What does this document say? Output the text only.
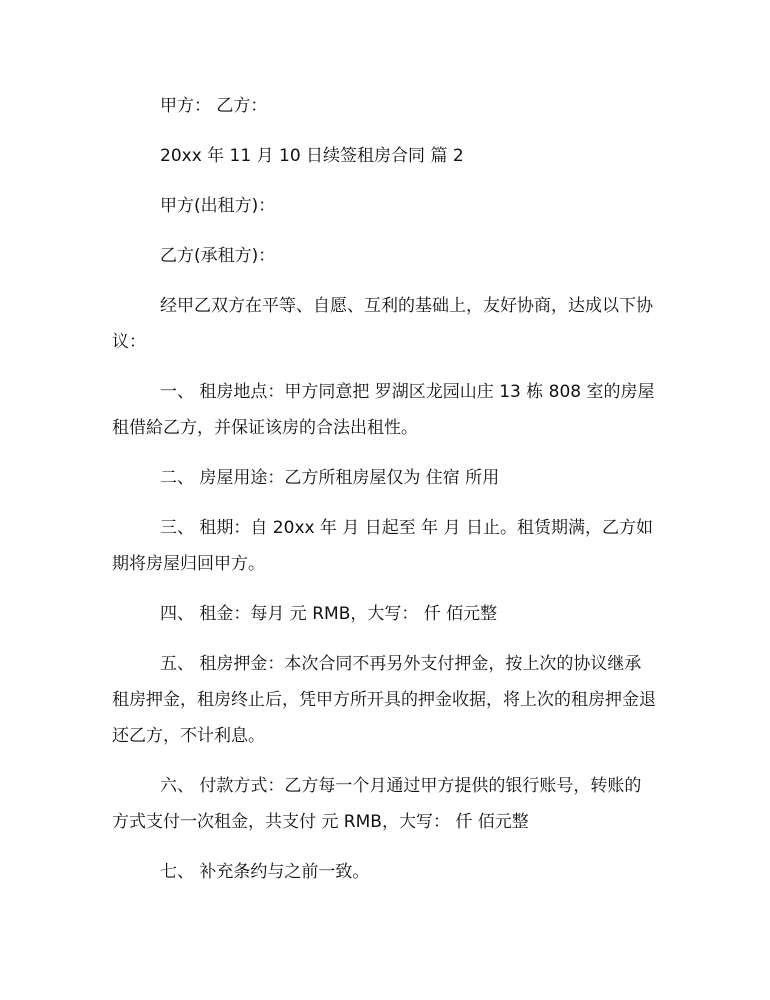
甲方： 乙方：

20xx 年 11 月 10 日续签租房合同 篇 2

甲方(出租方)：

乙方(承租方)：

经甲乙双方在平等、自愿、互利的基础上，友好协商，达成以下协议：

一、 租房地点：甲方同意把 罗湖区龙园山庄 13 栋 808 室的房屋租借給乙方，并保证该房的合法出租性。

二、 房屋用途：乙方所租房屋仅为 住宿 所用

三、 租期：自 20xx 年 月 日起至 年 月 日止。租赁期满，乙方如期将房屋归回甲方。

四、 租金：每月 元 RMB，大写： 仟 佰元整

五、 租房押金：本次合同不再另外支付押金，按上次的协议继承租房押金，租房终止后，凭甲方所开具的押金收据，将上次的租房押金退还乙方，不计利息。

六、 付款方式：乙方每一个月通过甲方提供的银行账号，转账的方式支付一次租金，共支付 元 RMB，大写： 仟 佰元整

七、 补充条约与之前一致。
